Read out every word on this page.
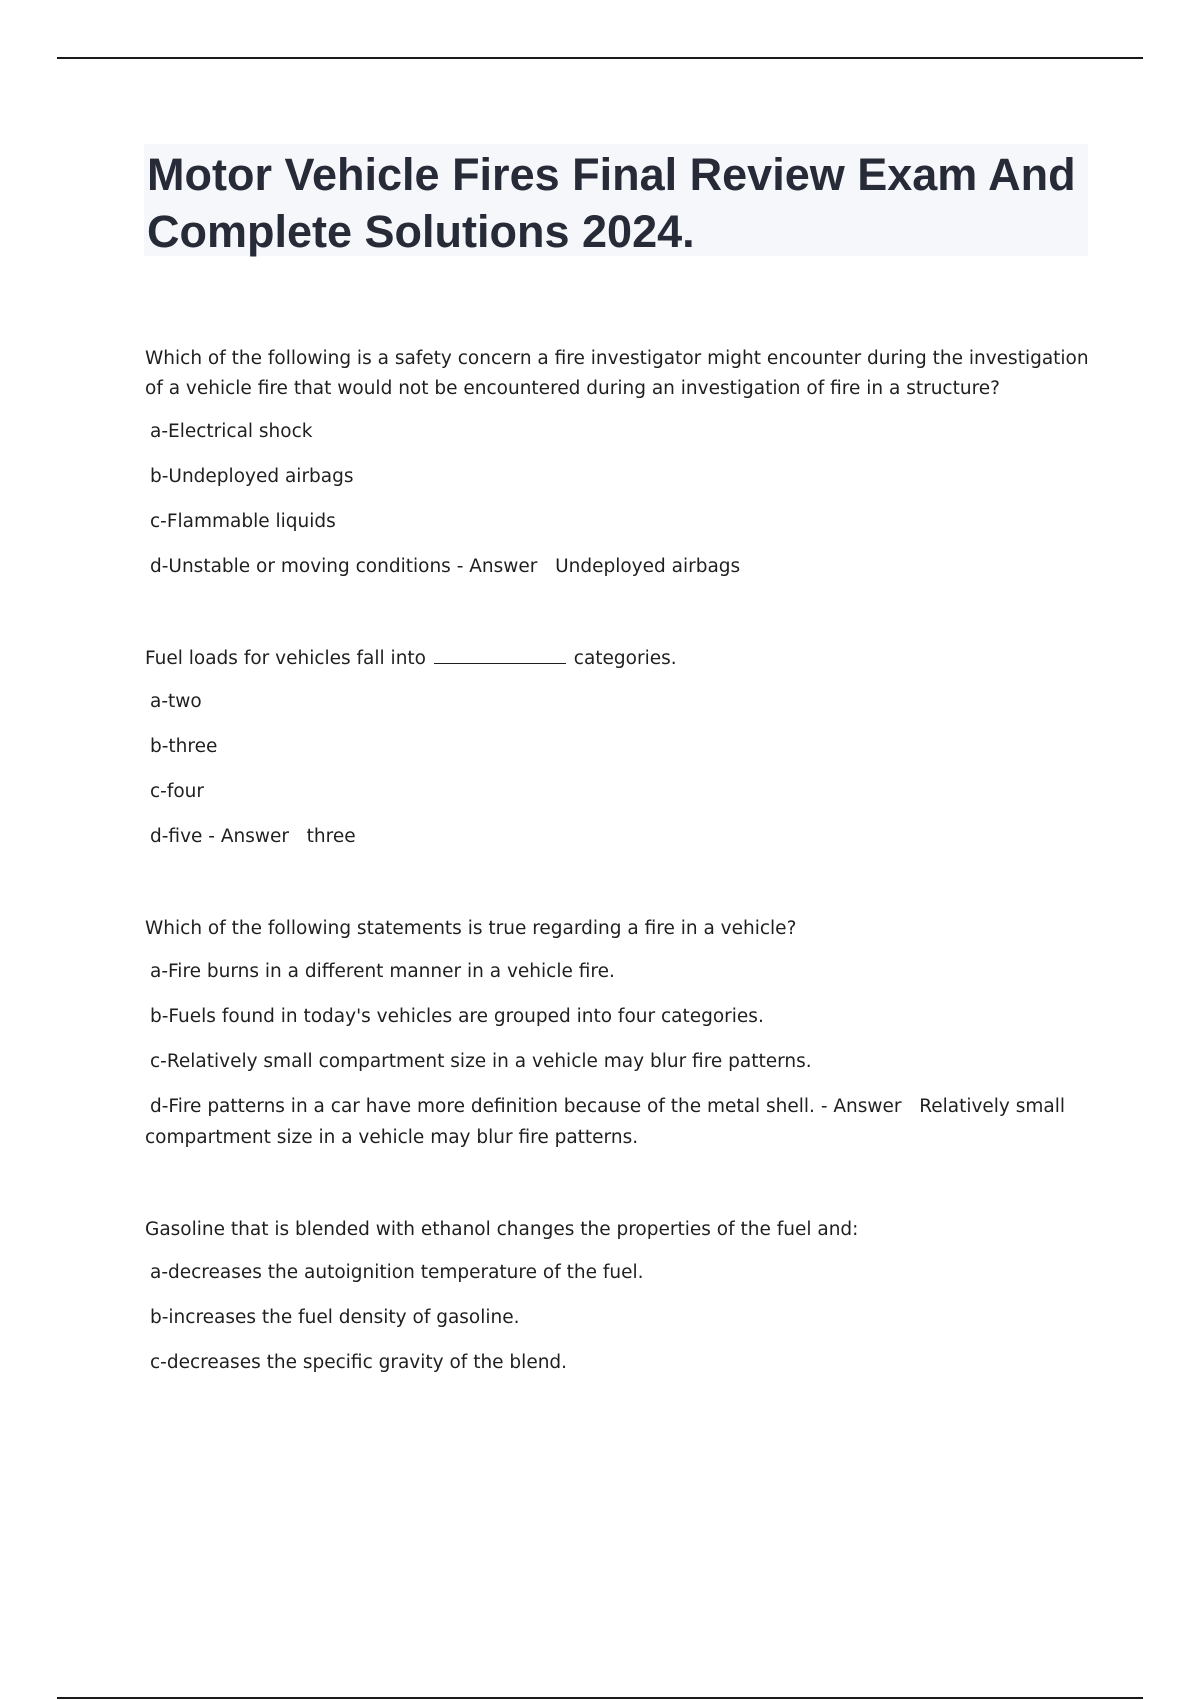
Motor Vehicle Fires Final Review Exam And Complete Solutions 2024.

Which of the following is a safety concern a fire investigator might encounter during the investigation of a vehicle fire that would not be encountered during an investigation of fire in a structure?

a-Electrical shock

b-Undeployed airbags

c-Flammable liquids

d-Unstable or moving conditions - Answer Undeployed airbags

Fuel loads for vehicles fall into	categories.

a-two

b-three

c-four

d-five - Answer three

Which of the following statements is true regarding a fire in a vehicle?

a-Fire burns in a different manner in a vehicle fire.

b-Fuels found in today's vehicles are grouped into four categories.

c-Relatively small compartment size in a vehicle may blur fire patterns.

d-Fire patterns in a car have more definition because of the metal shell. - Answer Relatively small compartment size in a vehicle may blur fire patterns.

Gasoline that is blended with ethanol changes the properties of the fuel and:

a-decreases the autoignition temperature of the fuel.

b-increases the fuel density of gasoline.

c-decreases the specific gravity of the blend.
